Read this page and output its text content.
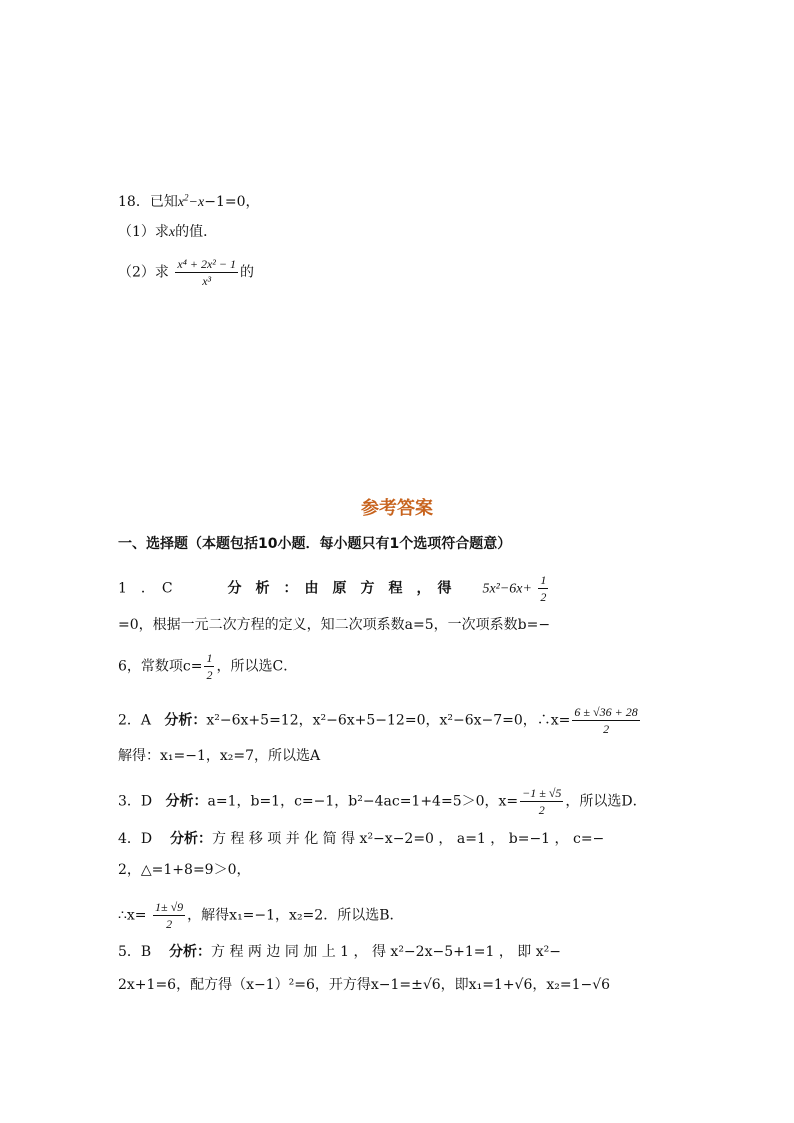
18．已知$x^2-x-1=0$，
（1）求x的值．
（2）求 $\frac{\text{x⁴ + 2x² − 1}}{\text{x³}}$ 的
参考答案
一、选择题（本题包括10小题．每小题只有1个选项符合题意）
1　．　C	分　析　：　由　原　方　程　，　得 $5x^2-6x+ \frac{1}{2}$
=0，根据一元二次方程的定义，知二次项系数a=5，一次项系数b=−
6，常数项$c= \frac{1}{2}$ ，所以选C．
2．A 分析：x²−6x+5=12，x²−6x+5−12=0，x²−6x−7=0，∴x= $\frac{6 \pm √36 + 28}{2}$
解得：x₁=−1，x₂=7，所以选A
3．D 分析：a=1，b=1，c=−1，b²−4ac=1+4=5＞0，$x= \frac{-1 \pm √5}{2}$ ，所以选D．
4．D 分析：方 程 移 项 并 化 简 得 x²−x−2=0 ， a=1 ， b=−1 ， c=−
2，△=1+8=9＞0，
∴x= $\frac{1\pm √9}{2}$ ，解得x₁=−1，x₂=2．所以选B．
5．B 分析：方 程 两 边 同 加 上 1 ， 得 x²−2x−5+1=1 ， 即 x²−
2x+1=6，配方得（x−1）²=6，开方得x−1=±√6，即x₁=1+√6，x₂=1−√6
